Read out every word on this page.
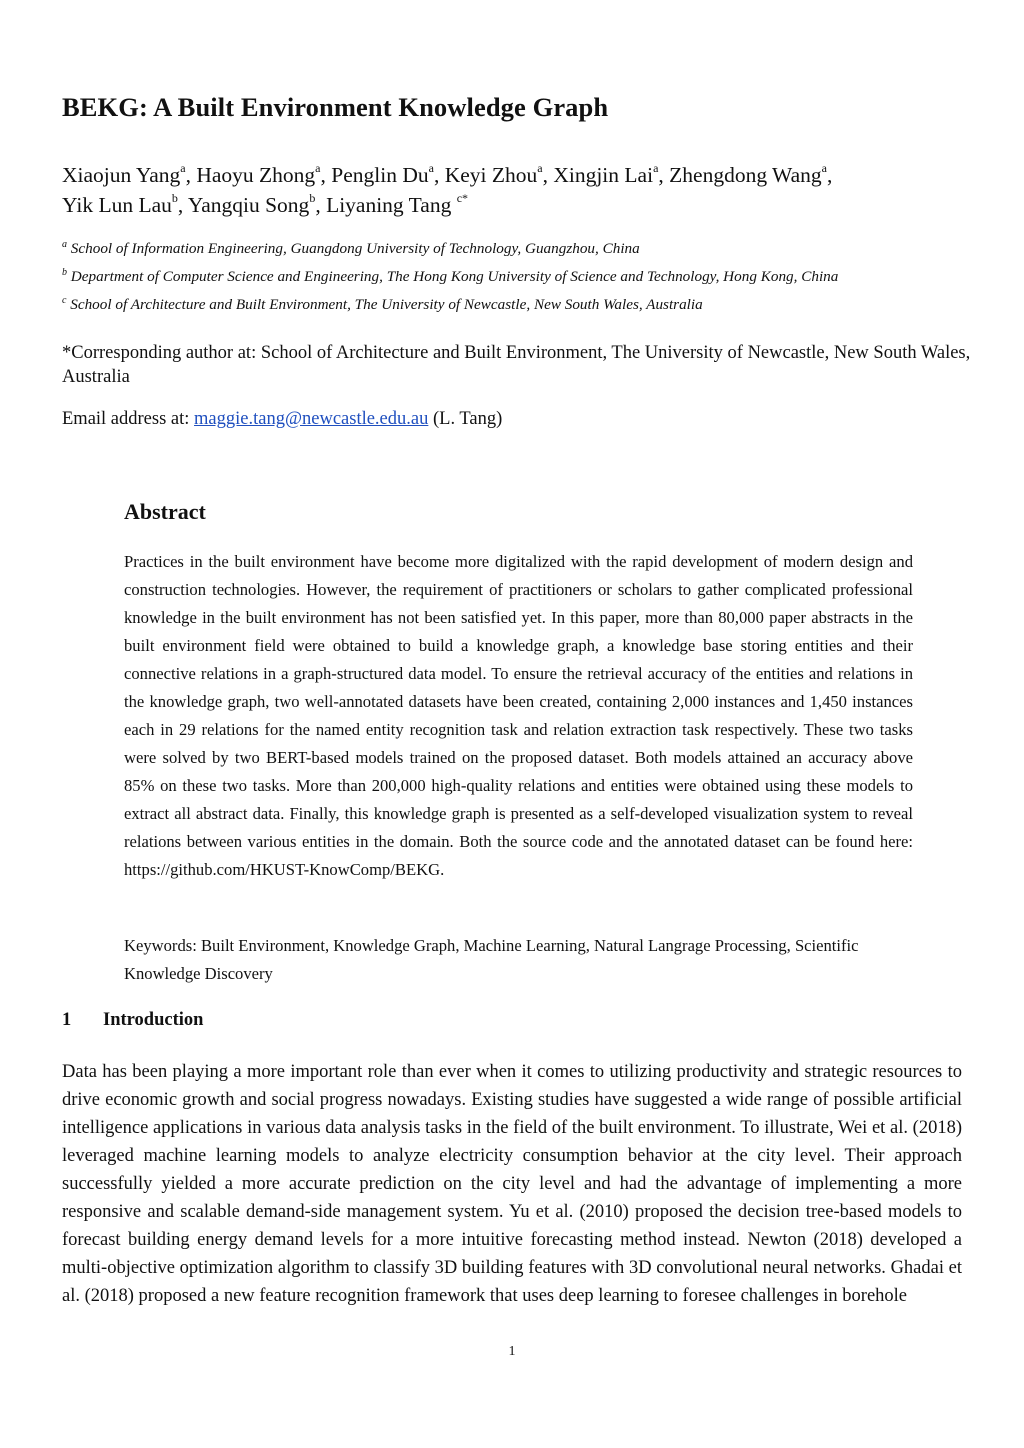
BEKG: A Built Environment Knowledge Graph

Xiaojun Yang$^a$, Haoyu Zhong$^a$, Penglin Du$^a$, Keyi Zhou$^a$, Xingjin Lai$^a$, Zhengdong Wang$^a$,
Yik Lun Lau$^b$, Yangqiu Song$^b$, Liyaning Tang $^{c*}$

$^a$ School of Information Engineering, Guangdong University of Technology, Guangzhou, China

$^b$ Department of Computer Science and Engineering, The Hong Kong University of Science and Technology, Hong Kong, China

$^c$ School of Architecture and Built Environment, The University of Newcastle, New South Wales, Australia

*Corresponding author at: School of Architecture and Built Environment, The University of Newcastle, New South Wales, Australia

Email address at: maggie.tang@newcastle.edu.au (L. Tang)

Abstract

Practices in the built environment have become more digitalized with the rapid development of modern design and construction technologies. However, the requirement of practitioners or scholars to gather complicated professional knowledge in the built environment has not been satisfied yet. In this paper, more than 80,000 paper abstracts in the built environment field were obtained to build a knowledge graph, a knowledge base storing entities and their connective relations in a graph-structured data model. To ensure the retrieval accuracy of the entities and relations in the knowledge graph, two well-annotated datasets have been created, containing 2,000 instances and 1,450 instances each in 29 relations for the named entity recognition task and relation extraction task respectively. These two tasks were solved by two BERT-based models trained on the proposed dataset. Both models attained an accuracy above 85% on these two tasks. More than 200,000 high-quality relations and entities were obtained using these models to extract all abstract data. Finally, this knowledge graph is presented as a self-developed visualization system to reveal relations between various entities in the domain. Both the source code and the annotated dataset can be found here: https://github.com/HKUST-KnowComp/BEKG.

Keywords: Built Environment, Knowledge Graph, Machine Learning, Natural Langrage Processing, Scientific Knowledge Discovery

1 Introduction

Data has been playing a more important role than ever when it comes to utilizing productivity and strategic resources to drive economic growth and social progress nowadays. Existing studies have suggested a wide range of possible artificial intelligence applications in various data analysis tasks in the field of the built environment. To illustrate, Wei et al. (2018) leveraged machine learning models to analyze electricity consumption behavior at the city level. Their approach successfully yielded a more accurate prediction on the city level and had the advantage of implementing a more responsive and scalable demand-side management system. Yu et al. (2010) proposed the decision tree-based models to forecast building energy demand levels for a more intuitive forecasting method instead. Newton (2018) developed a multi-objective optimization algorithm to classify 3D building features with 3D convolutional neural networks. Ghadai et al. (2018) proposed a new feature recognition framework that uses deep learning to foresee challenges in borehole

1
